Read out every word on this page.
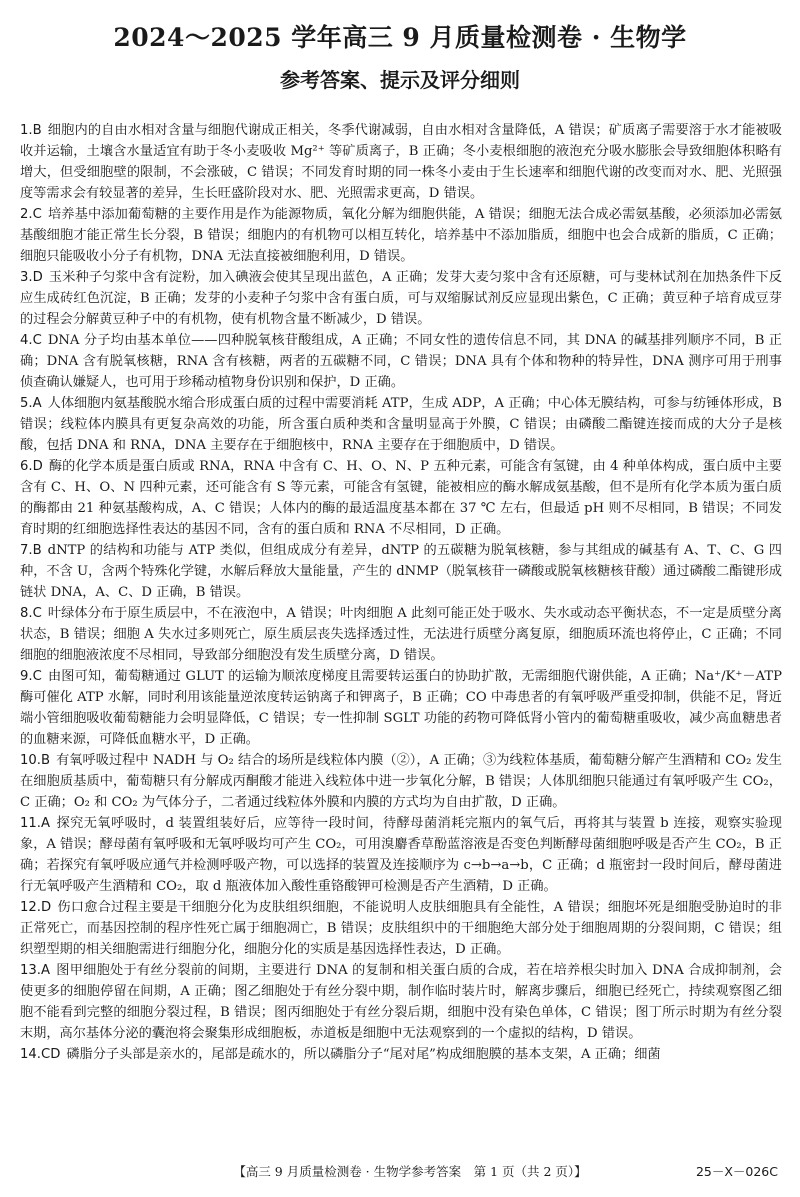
2024～2025 学年高三 9 月质量检测卷 · 生物学
参考答案、提示及评分细则

1.B 细胞内的自由水相对含量与细胞代谢成正相关，冬季代谢减弱，自由水相对含量降低，A 错误；矿质离子需要溶于水才能被吸收并运输，土壤含水量适宜有助于冬小麦吸收 Mg²⁺ 等矿质离子，B 正确；冬小麦根细胞的液泡充分吸水膨胀会导致细胞体积略有增大，但受细胞壁的限制，不会涨破，C 错误；不同发育时期的同一株冬小麦由于生长速率和细胞代谢的改变而对水、肥、光照强度等需求会有较显著的差异，生长旺盛阶段对水、肥、光照需求更高，D 错误。

2.C 培养基中添加葡萄糖的主要作用是作为能源物质，氧化分解为细胞供能，A 错误；细胞无法合成必需氨基酸，必须添加必需氨基酸细胞才能正常生长分裂，B 错误；细胞内的有机物可以相互转化，培养基中不添加脂质，细胞中也会合成新的脂质，C 正确；细胞只能吸收小分子有机物，DNA 无法直接被细胞利用，D 错误。

3.D 玉米种子匀浆中含有淀粉，加入碘液会使其呈现出蓝色，A 正确；发芽大麦匀浆中含有还原糖，可与斐林试剂在加热条件下反应生成砖红色沉淀，B 正确；发芽的小麦种子匀浆中含有蛋白质，可与双缩脲试剂反应显现出紫色，C 正确；黄豆种子培育成豆芽的过程会分解黄豆种子中的有机物，使有机物含量不断减少，D 错误。

4.C DNA 分子均由基本单位——四种脱氧核苷酸组成，A 正确；不同女性的遗传信息不同，其 DNA 的碱基排列顺序不同，B 正确；DNA 含有脱氧核糖，RNA 含有核糖，两者的五碳糖不同，C 错误；DNA 具有个体和物种的特异性，DNA 测序可用于刑事侦查确认嫌疑人，也可用于珍稀动植物身份识别和保护，D 正确。

5.A 人体细胞内氨基酸脱水缩合形成蛋白质的过程中需要消耗 ATP，生成 ADP，A 正确；中心体无膜结构，可参与纺锤体形成，B 错误；线粒体内膜具有更复杂高效的功能，所含蛋白质种类和含量明显高于外膜，C 错误；由磷酸二酯键连接而成的大分子是核酸，包括 DNA 和 RNA，DNA 主要存在于细胞核中，RNA 主要存在于细胞质中，D 错误。

6.D 酶的化学本质是蛋白质或 RNA，RNA 中含有 C、H、O、N、P 五种元素，可能含有氢键，由 4 种单体构成，蛋白质中主要含有 C、H、O、N 四种元素，还可能含有 S 等元素，可能含有氢键，能被相应的酶水解成氨基酸，但不是所有化学本质为蛋白质的酶都由 21 种氨基酸构成，A、C 错误；人体内的酶的最适温度基本都在 37 ℃ 左右，但最适 pH 则不尽相同，B 错误；不同发育时期的红细胞选择性表达的基因不同，含有的蛋白质和 RNA 不尽相同，D 正确。

7.B dNTP 的结构和功能与 ATP 类似，但组成成分有差异，dNTP 的五碳糖为脱氧核糖，参与其组成的碱基有 A、T、C、G 四种，不含 U，含两个特殊化学键，水解后释放大量能量，产生的 dNMP（脱氧核苷一磷酸或脱氧核糖核苷酸）通过磷酸二酯键形成链状 DNA，A、C、D 正确，B 错误。

8.C 叶绿体分布于原生质层中，不在液泡中，A 错误；叶肉细胞 A 此刻可能正处于吸水、失水或动态平衡状态，不一定是质壁分离状态，B 错误；细胞 A 失水过多则死亡，原生质层丧失选择透过性，无法进行质壁分离复原，细胞质环流也将停止，C 正确；不同细胞的细胞液浓度不尽相同，导致部分细胞没有发生质壁分离，D 错误。

9.C 由图可知，葡萄糖通过 GLUT 的运输为顺浓度梯度且需要转运蛋白的协助扩散，无需细胞代谢供能，A 正确；Na⁺/K⁺－ATP 酶可催化 ATP 水解，同时利用该能量逆浓度转运钠离子和钾离子，B 正确；CO 中毒患者的有氧呼吸严重受抑制，供能不足，肾近端小管细胞吸收葡萄糖能力会明显降低，C 错误；专一性抑制 SGLT 功能的药物可降低肾小管内的葡萄糖重吸收，减少高血糖患者的血糖来源，可降低血糖水平，D 正确。

10.B 有氧呼吸过程中 NADH 与 O₂ 结合的场所是线粒体内膜（②），A 正确；③为线粒体基质，葡萄糖分解产生酒精和 CO₂ 发生在细胞质基质中，葡萄糖只有分解成丙酮酸才能进入线粒体中进一步氧化分解，B 错误；人体肌细胞只能通过有氧呼吸产生 CO₂，C 正确；O₂ 和 CO₂ 为气体分子，二者通过线粒体外膜和内膜的方式均为自由扩散，D 正确。

11.A 探究无氧呼吸时，d 装置组装好后，应等待一段时间，待酵母菌消耗完瓶内的氧气后，再将其与装置 b 连接，观察实验现象，A 错误；酵母菌有氧呼吸和无氧呼吸均可产生 CO₂，可用溴麝香草酚蓝溶液是否变色判断酵母菌细胞呼吸是否产生 CO₂，B 正确；若探究有氧呼吸应通气并检测呼吸产物，可以选择的装置及连接顺序为 c→b→a→b，C 正确；d 瓶密封一段时间后，酵母菌进行无氧呼吸产生酒精和 CO₂，取 d 瓶液体加入酸性重铬酸钾可检测是否产生酒精，D 正确。

12.D 伤口愈合过程主要是干细胞分化为皮肤组织细胞，不能说明人皮肤细胞具有全能性，A 错误；细胞坏死是细胞受胁迫时的非正常死亡，而基因控制的程序性死亡属于细胞凋亡，B 错误；皮肤组织中的干细胞绝大部分处于细胞周期的分裂间期，C 错误；组织塑型期的相关细胞需进行细胞分化，细胞分化的实质是基因选择性表达，D 正确。

13.A 图甲细胞处于有丝分裂前的间期，主要进行 DNA 的复制和相关蛋白质的合成，若在培养根尖时加入 DNA 合成抑制剂，会使更多的细胞停留在间期，A 正确；图乙细胞处于有丝分裂中期，制作临时装片时，解离步骤后，细胞已经死亡，持续观察图乙细胞不能看到完整的细胞分裂过程，B 错误；图丙细胞处于有丝分裂后期，细胞中没有染色单体，C 错误；图丁所示时期为有丝分裂末期，高尔基体分泌的囊泡将会聚集形成细胞板，赤道板是细胞中无法观察到的一个虚拟的结构，D 错误。

14.CD 磷脂分子头部是亲水的，尾部是疏水的，所以磷脂分子“尾对尾”构成细胞膜的基本支架，A 正确；细菌

【高三 9 月质量检测卷 · 生物学参考答案　第 1 页（共 2 页）】	25－X－026C
